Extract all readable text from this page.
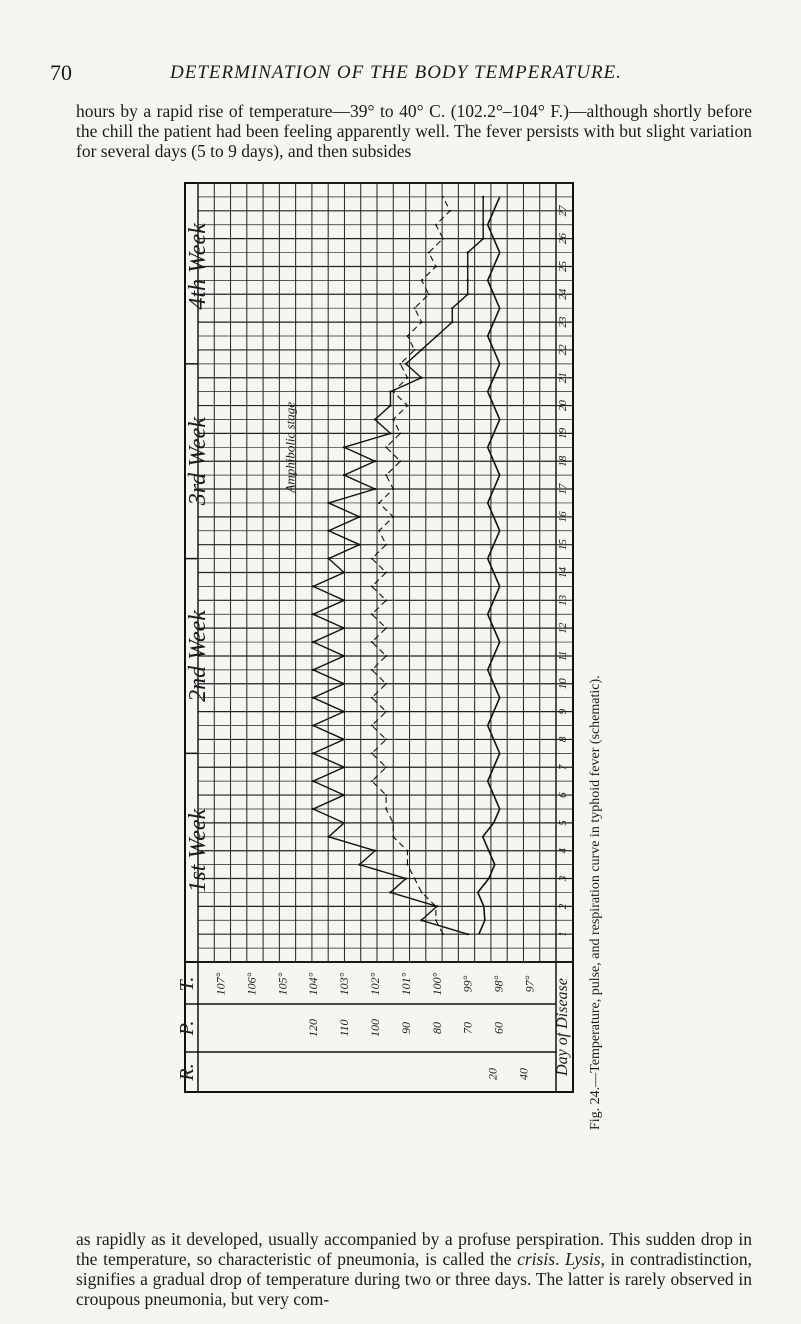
70	DETERMINATION OF THE BODY TEMPERATURE.
hours by a rapid rise of temperature—39° to 40° C. (102.2°–104° F.)—although shortly before the chill the patient had been feeling apparently well. The fever persists with but slight variation for several days (5 to 9 days), and then subsides
1st Week
2nd Week
3rd Week
4th Week
1
2
3
4
5
6
7
8
9
10
11
12
13
14
15
16
17
18
19
20
21
22
23
24
25
26
27
97°
98°
99°
100°
101°
102°
103°
104°
105°
106°
107°
60
70
80
90
100
110
120
20 40
T.
P.
R.	Day of Disease
Amphibolic stage
Fig. 24.—Temperature, pulse, and respiration curve in typhoid fever (schematic).
as rapidly as it developed, usually accompanied by a profuse perspiration. This sudden drop in the temperature, so characteristic of pneumonia, is called the crisis. Lysis, in contradistinction, signifies a gradual drop of temperature during two or three days. The latter is rarely observed in croupous pneumonia, but very com-
